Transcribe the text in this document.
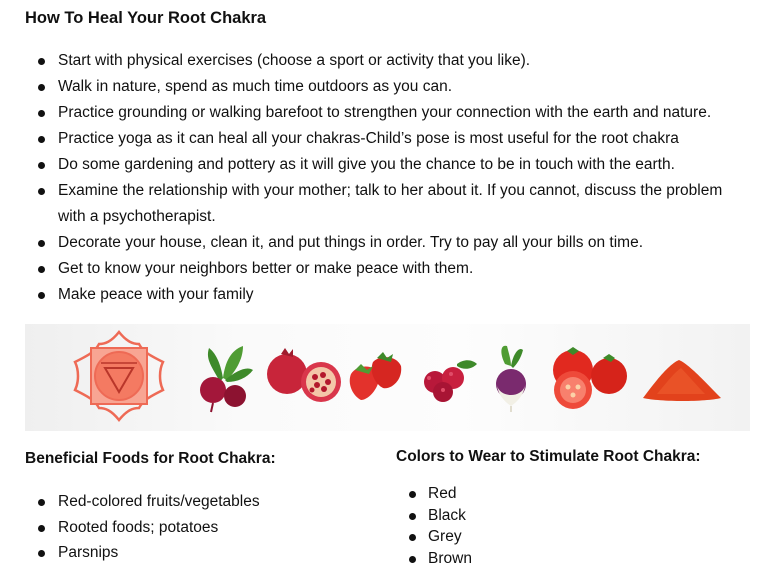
How To Heal Your Root Chakra
Start with physical exercises (choose a sport or activity that you like).
Walk in nature, spend as much time outdoors as you can.
Practice grounding or walking barefoot to strengthen your connection with the earth and nature.
Practice yoga as it can heal all your chakras-Child’s pose is most useful for the root chakra
Do some gardening and pottery as it will give you the chance to be in touch with the earth.
Examine the relationship with your mother; talk to her about it. If you cannot, discuss the problem with a psychotherapist.
Decorate your house, clean it, and put things in order. Try to pay all your bills on time.
Get to know your neighbors better or make peace with them.
Make peace with your family
Beneficial Foods for Root Chakra:
Red-colored fruits/vegetables
Rooted foods; potatoes
Parsnips
Colors to Wear to Stimulate Root Chakra:
Red
Black
Grey
Brown
